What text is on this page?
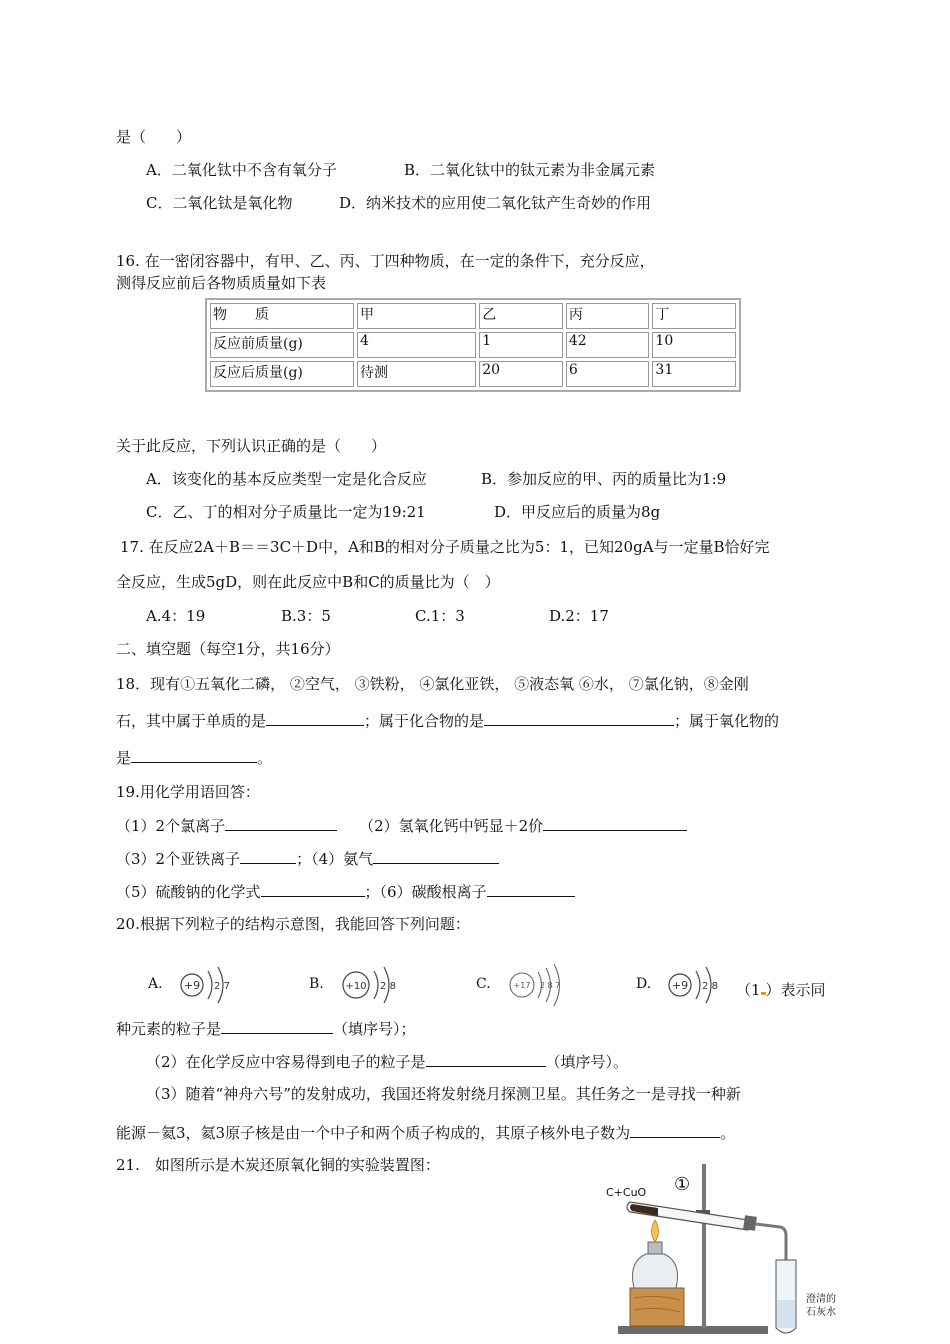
是（　　）
A．二氧化钛中不含有氧分子	B．二氧化钛中的钛元素为非金属元素
C．二氧化钛是氧化物	D．纳米技术的应用使二氧化钛产生奇妙的作用
16. 在一密闭容器中，有甲、乙、丙、丁四种物质，在一定的条件下，充分反应，
测得反应前后各物质质量如下表
物　　质	甲	乙	丙	丁
反应前质量(g)	4	1	42	10
反应后质量(g)	待测	20	6	31
关于此反应，下列认识正确的是（　　）
A．该变化的基本反应类型一定是化合反应	B．参加反应的甲、丙的质量比为1:9
C．乙、丁的相对分子质量比一定为19:21	D．甲反应后的质量为8g
17. 在反应2A＋B＝＝3C＋D中，A和B的相对分子质量之比为5：1，已知20gA与一定量B恰好完
全反应，生成5gD，则在此反应中B和C的质量比为（　）
A.4：19	B.3：5	C.1：3	D.2：17
二、填空题（每空1分，共16分）
18．现有①五氧化二磷， ②空气， ③铁粉， ④氯化亚铁， ⑤液态氧 ⑥水， ⑦氯化钠，⑧金刚
石，其中属于单质的是	；属于化合物的是	；属于氧化物的
是	。
19.用化学用语回答：
（1）2个氯离子	（2）氢氧化钙中钙显＋2价
（3）2个亚铁离子	；（4）氨气
（5）硫酸钠的化学式	；（6）碳酸根离子
20.根据下列粒子的结构示意图，我能回答下列问题：
A. +9 2 7	B. +10 2 8	C.	+17 2 8 7	D. +9 2 8 （1 ）表示同
种元素的粒子是	（填序号）；
（2）在化学反应中容易得到电子的粒子是	（填序号）。
（3）随着“神舟六号”的发射成功，我国还将发射绕月探测卫星。其任务之一是寻找一种新
能源－氦3，氦3原子核是由一个中子和两个质子构成的，其原子核外电子数为	。
21.　如图所示是木炭还原氧化铜的实验装置图：
C+CuO ①
澄清的
石灰水
